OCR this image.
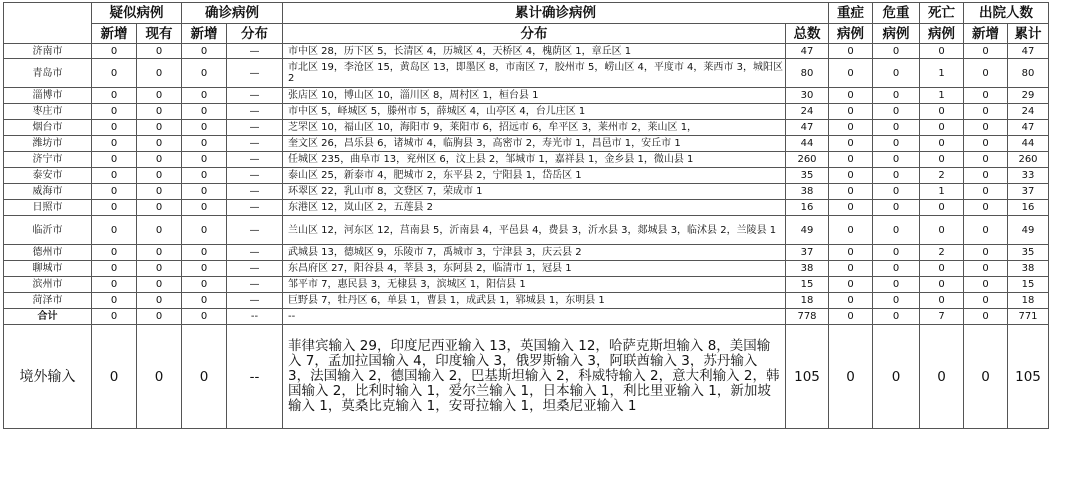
	疑似病例		确诊病例		累计确诊病例		重症	危重	死亡	出院人数	
	新增	现有	新增	分布	分布	总数	病例	病例	病例	新增	累计
济南市	0	0	0	—	市中区 28，历下区 5，长清区 4，历城区 4，天桥区 4，槐荫区 1，章丘区 1	47	0	0	0	0	47
青岛市	0	0	0	—	市北区 19，李沧区 15，黄岛区 13，即墨区 8，市南区 7，胶州市 5，崂山区 4，平度市 4，莱西市 3，城阳区 2	80	0	0	1	0	80
淄博市	0	0	0	—	张店区 10，博山区 10，淄川区 8，周村区 1，桓台县 1	30	0	0	1	0	29
枣庄市	0	0	0	—	市中区 5，峄城区 5，滕州市 5，薛城区 4，山亭区 4，台儿庄区 1	24	0	0	0	0	24
烟台市	0	0	0	—	芝罘区 10，福山区 10，海阳市 9，莱阳市 6，招远市 6，牟平区 3，莱州市 2，莱山区 1，	47	0	0	0	0	47
潍坊市	0	0	0	—	奎文区 26，昌乐县 6，诸城市 4，临朐县 3，高密市 2，寿光市 1，昌邑市 1，安丘市 1	44	0	0	0	0	44
济宁市	0	0	0	—	任城区 235，曲阜市 13，兖州区 6，汶上县 2，邹城市 1，嘉祥县 1，金乡县 1，微山县 1	260	0	0	0	0	260
泰安市	0	0	0	—	泰山区 25，新泰市 4，肥城市 2，东平县 2，宁阳县 1，岱岳区 1	35	0	0	2	0	33
威海市	0	0	0	—	环翠区 22，乳山市 8，文登区 7，荣成市 1	38	0	0	1	0	37
日照市	0	0	0	—	东港区 12，岚山区 2，五莲县 2	16	0	0	0	0	16
临沂市	0	0	0	—	兰山区 12，河东区 12，莒南县 5，沂南县 4，平邑县 4，费县 3，沂水县 3，郯城县 3，临沭县 2，兰陵县 1	49	0	0	0	0	49
德州市	0	0	0	—	武城县 13，德城区 9，乐陵市 7，禹城市 3，宁津县 3，庆云县 2	37	0	0	2	0	35
聊城市	0	0	0	—	东昌府区 27，阳谷县 4，莘县 3，东阿县 2，临清市 1，冠县 1	38	0	0	0	0	38
滨州市	0	0	0	—	邹平市 7，惠民县 3，无棣县 3，滨城区 1，阳信县 1	15	0	0	0	0	15
菏泽市	0	0	0	—	巨野县 7，牡丹区 6，单县 1，曹县 1，成武县 1，郓城县 1，东明县 1	18	0	0	0	0	18
合计	0	0	0	--	--	778	0	0	7	0	771
境外输入	0	0	0	--	菲律宾输入 29，印度尼西亚输入 13，英国输入 12，哈萨克斯坦输入 8，美国输入 7，孟加拉国输入 4，印度输入 3，俄罗斯输入 3，阿联酋输入 3，苏丹输入 3，法国输入 2，德国输入 2，巴基斯坦输入 2，科威特输入 2，意大利输入 2，韩国输入 2，比利时输入 1，爱尔兰输入 1，日本输入 1，利比里亚输入 1，新加坡输入 1，莫桑比克输入 1，安哥拉输入 1，坦桑尼亚输入 1	105	0	0	0	0	105
